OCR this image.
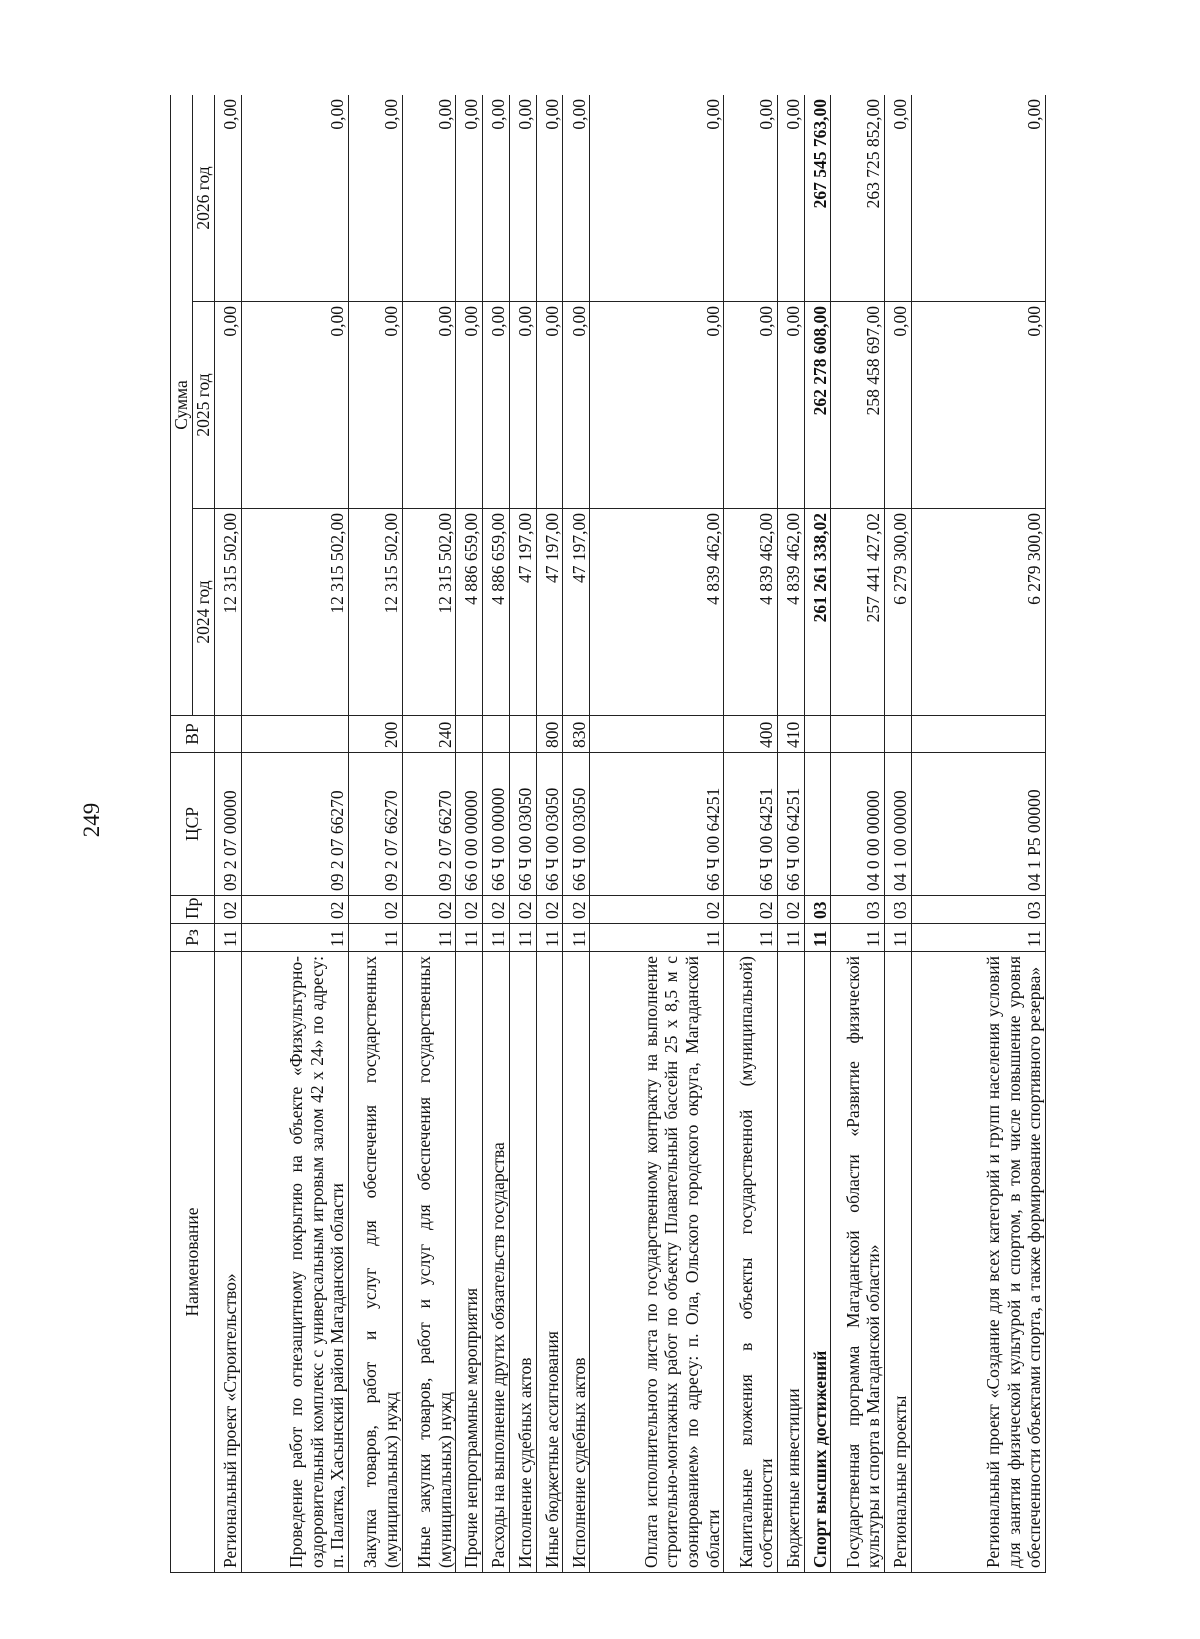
249
Наименование	Рз	Пр	ЦСР	ВР	Сумма		
					2024 год	2025 год	2026 год
Региональный проект «Строительство»	11	02	09 2 07 00000		12 315 502,00	0,00	0,00
Проведение работ по огнезащитному покрытию на объекте «Физкультурно-оздоровительный комплекс с универсальным игровым залом 42 х 24» по адресу: п. Палатка, Хасынский район Магаданской области	11	02	09 2 07 66270		12 315 502,00	0,00	0,00
Закупка товаров, работ и услуг для обеспечения государственных (муниципальных) нужд	11	02	09 2 07 66270	200	12 315 502,00	0,00	0,00
Иные закупки товаров, работ и услуг для обеспечения государственных (муниципальных) нужд	11	02	09 2 07 66270	240	12 315 502,00	0,00	0,00
Прочие непрограммные мероприятия	11	02	66 0 00 00000		4 886 659,00	0,00	0,00
Расходы на выполнение других обязательств государства	11	02	66 Ч 00 00000		4 886 659,00	0,00	0,00
Исполнение судебных актов	11	02	66 Ч 00 03050		47 197,00	0,00	0,00
Иные бюджетные ассигнования	11	02	66 Ч 00 03050	800	47 197,00	0,00	0,00
Исполнение судебных актов	11	02	66 Ч 00 03050	830	47 197,00	0,00	0,00
Оплата исполнительного листа по государственному контракту на выполнение строительно-монтажных работ по объекту Плавательный бассейн 25 х 8,5 м с озонированием» по адресу: п. Ола, Ольского городского округа, Магаданской области	11	02	66 Ч 00 64251		4 839 462,00	0,00	0,00
Капитальные вложения в объекты государственной (муниципальной) собственности	11	02	66 Ч 00 64251	400	4 839 462,00	0,00	0,00
Бюджетные инвестиции	11	02	66 Ч 00 64251	410	4 839 462,00	0,00	0,00
Спорт высших достижений	11	03			261 261 338,02	262 278 608,00	267 545 763,00
Государственная программа Магаданской области «Развитие физической культуры и спорта в Магаданской области»	11	03	04 0 00 00000		257 441 427,02	258 458 697,00	263 725 852,00
Региональные проекты	11	03	04 1 00 00000		6 279 300,00	0,00	0,00
Региональный проект «Создание для всех категорий и групп населения условий для занятия физической культурой и спортом, в том числе повышение уровня обеспеченности объектами спорта, а также формирование спортивного резерва»	11	03	04 1 Р5 00000		6 279 300,00	0,00	0,00
